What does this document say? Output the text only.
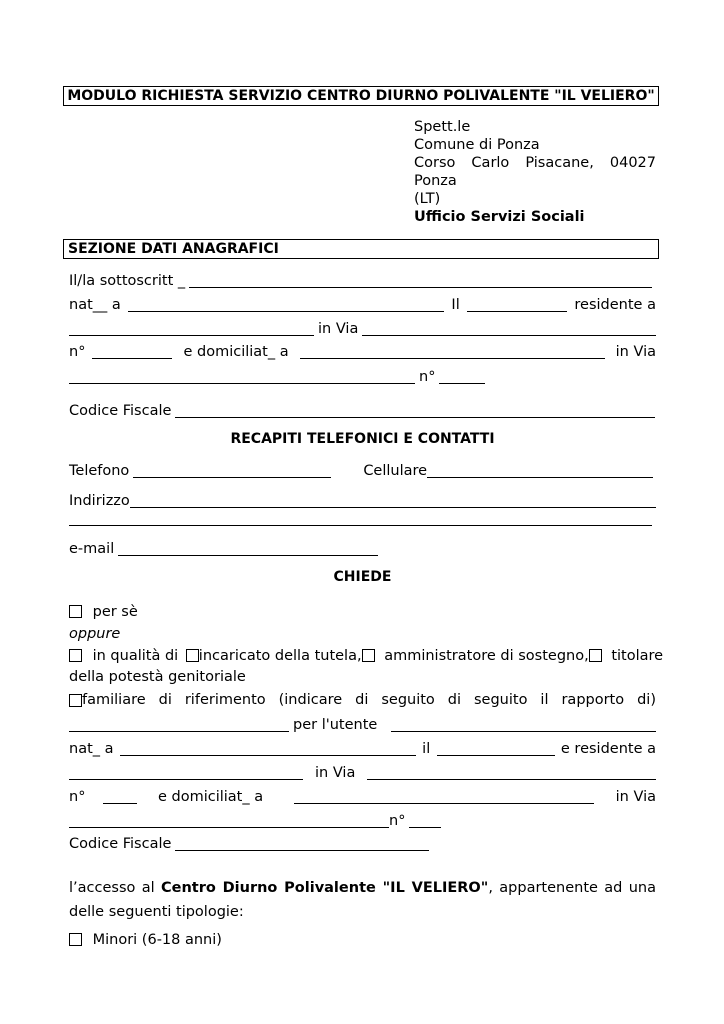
MODULO RICHIESTA SERVIZIO CENTRO DIURNO POLIVALENTE "IL VELIERO"
Spett.le
Comune di Ponza
Corso Carlo Pisacane, 04027 Ponza
(LT)
Ufficio Servizi Sociali
SEZIONE DATI ANAGRAFICI
Il/la sottoscritt _
nat__ a	Il	residente a
in Via
n°	e domiciliat_ a	in Via
n°
Codice Fiscale
RECAPITI TELEFONICI E CONTATTI
Telefono	Cellulare
Indirizzo
e-mail
CHIEDE
per sè
oppure
in qualità di incaricato della tutela,	amministratore di sostegno,	titolare
della potestà genitoriale
familiare di riferimento (indicare di seguito di seguito il rapporto di)
per l'utente
nat_ a	il	e residente a
in Via
n°	e domiciliat_ a	in Via
n°
Codice Fiscale
l’accesso al Centro Diurno Polivalente "IL VELIERO", appartenente ad una delle seguenti tipologie:
Minori (6-18 anni)
